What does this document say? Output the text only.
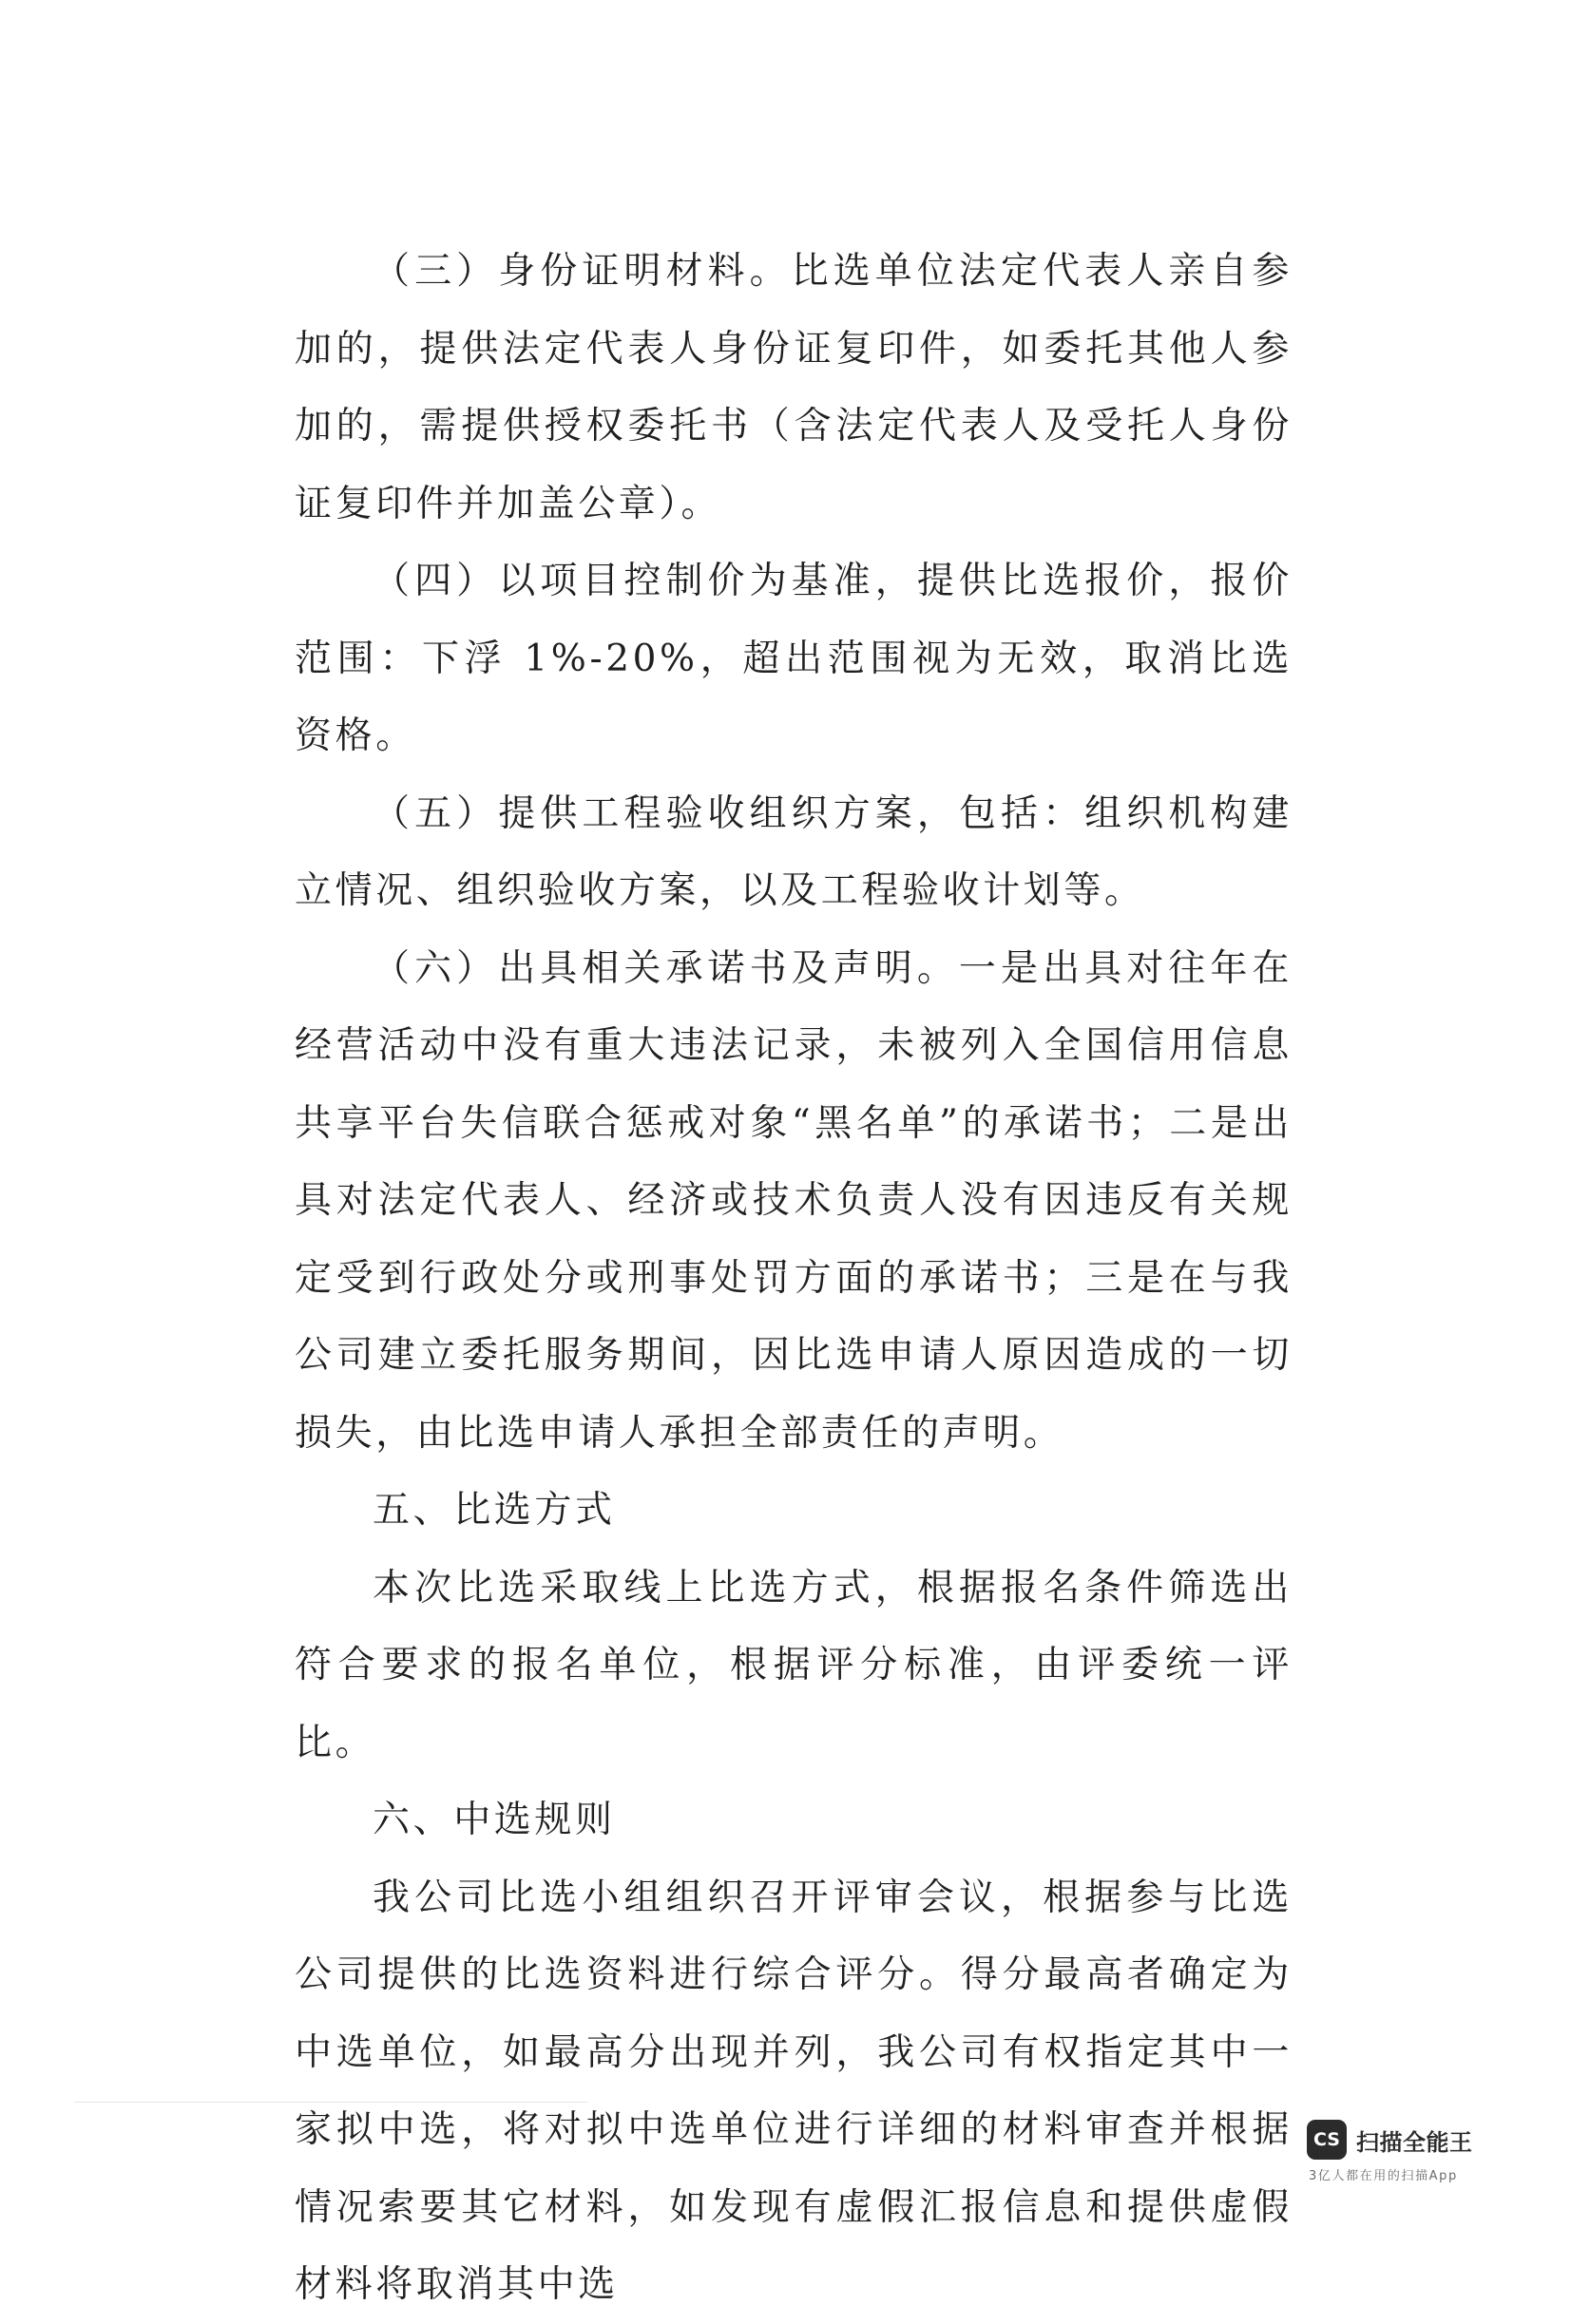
（三）身份证明材料。比选单位法定代表人亲自参加的，提供法定代表人身份证复印件，如委托其他人参加的，需提供授权委托书（含法定代表人及受托人身份证复印件并加盖公章）。

（四）以项目控制价为基准，提供比选报价，报价范围：下浮 1%-20%，超出范围视为无效，取消比选资格。

（五）提供工程验收组织方案，包括：组织机构建立情况、组织验收方案，以及工程验收计划等。

（六）出具相关承诺书及声明。一是出具对往年在经营活动中没有重大违法记录，未被列入全国信用信息共享平台失信联合惩戒对象“黑名单”的承诺书；二是出具对法定代表人、经济或技术负责人没有因违反有关规定受到行政处分或刑事处罚方面的承诺书；三是在与我公司建立委托服务期间，因比选申请人原因造成的一切损失，由比选申请人承担全部责任的声明。

五、比选方式

本次比选采取线上比选方式，根据报名条件筛选出符合要求的报名单位，根据评分标准，由评委统一评比。

六、中选规则

我公司比选小组组织召开评审会议，根据参与比选公司提供的比选资料进行综合评分。得分最高者确定为中选单位，如最高分出现并列，我公司有权指定其中一家拟中选，将对拟中选单位进行详细的材料审查并根据情况索要其它材料，如发现有虚假汇报信息和提供虚假材料将取消其中选

CS 扫描全能王
3亿人都在用的扫描App
